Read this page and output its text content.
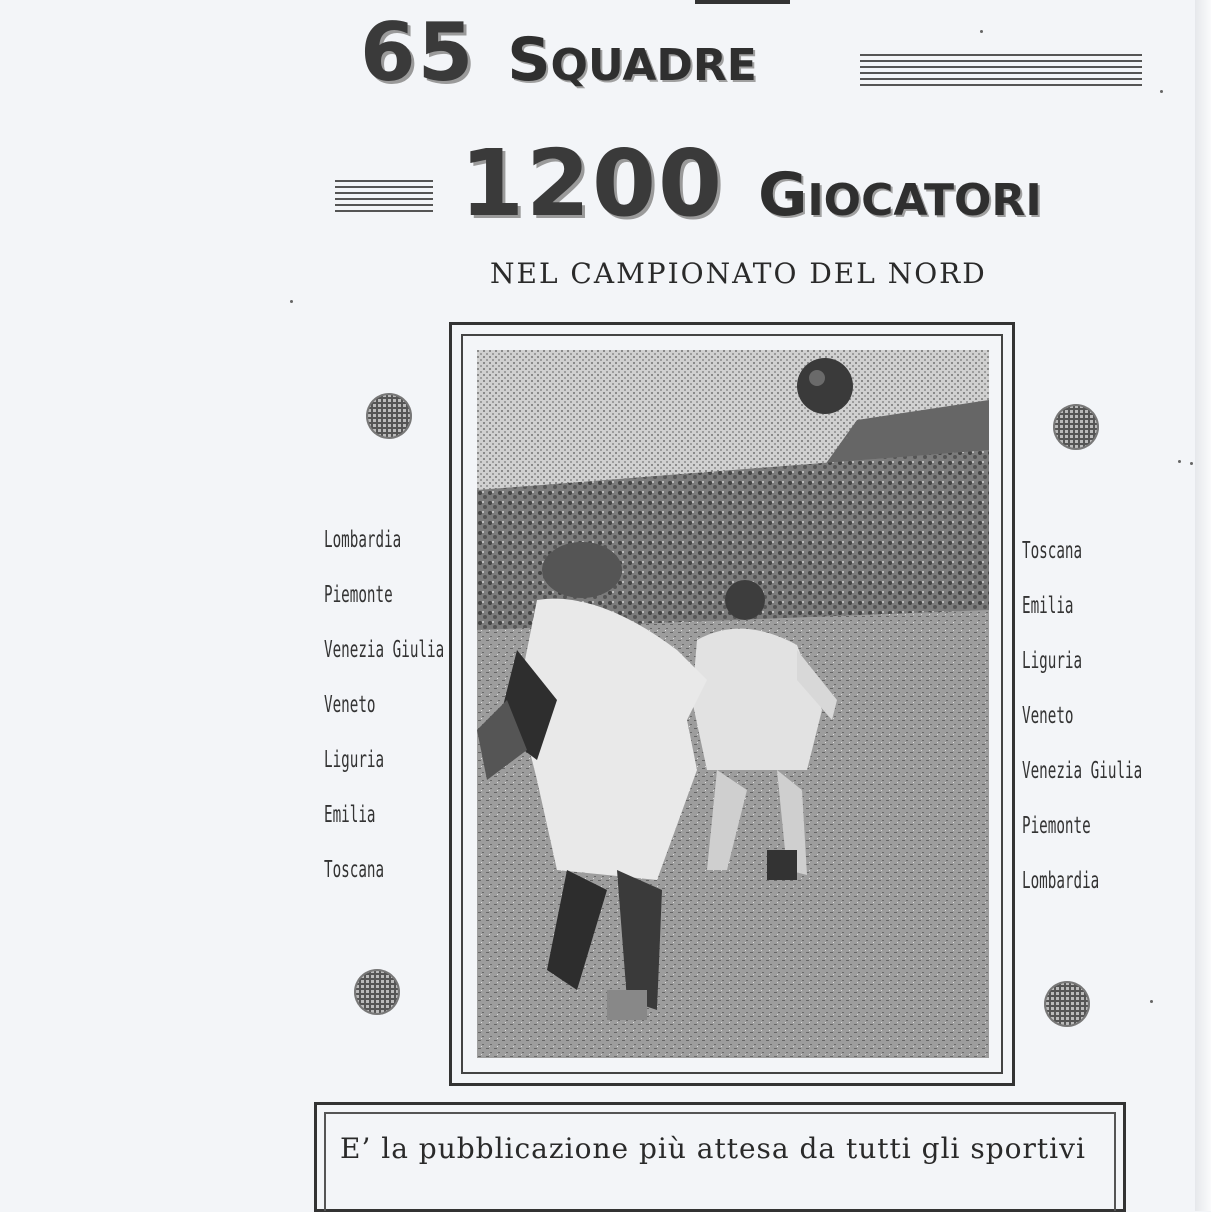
65 SQUADRE
1200 GIOCATORI
NEL CAMPIONATO DEL NORD
Lombardia
Piemonte
Venezia Giulia
Veneto
Liguria
Emilia
Toscana
Toscana
Emilia
Liguria
Veneto
Venezia Giulia
Piemonte
Lombardia
E’ la pubblicazione più attesa da tutti gli sportivi
